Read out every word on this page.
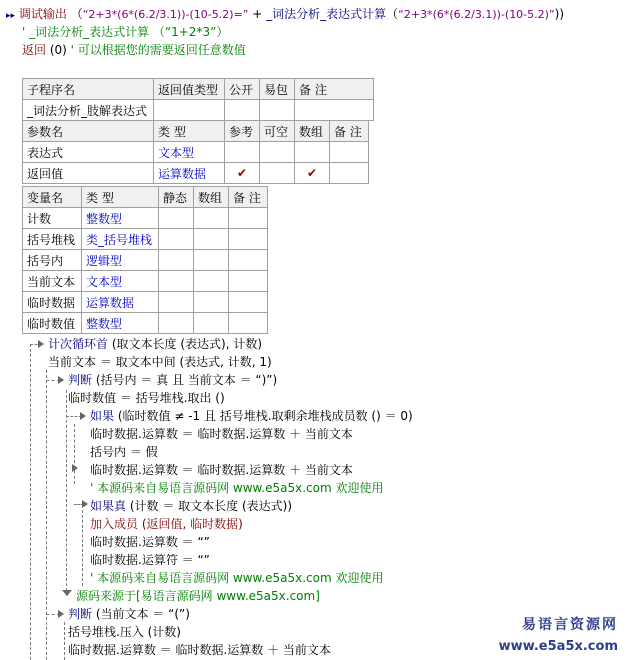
▸▸ 调试输出 （“2+3*(6*(6.2/3.1))-(10-5.2)=” + _词法分析_表达式计算（“2+3*(6*(6.2/3.1))-(10-5.2)”))
' _词法分析_表达式计算 （“1+2*3”）
返回 (0) ' 可以根据您的需要返回任意数值
子程序名	返回值类型	公开	易包	备 注
_词法分析_肢解表达式				
参数名	类 型	参考	可空	数组	备 注
表达式	文本型				
返回值	运算数据	✔		✔	
变量名	类 型	静态	数组	备 注
计数	整数型			
括号堆栈	类_括号堆栈			
括号内	逻辑型			
当前文本	文本型			
临时数据	运算数据			
临时数值	整数型			
计次循环首 (取文本长度 (表达式), 计数)
当前文本 ＝ 取文本中间 (表达式, 计数, 1)
判断 (括号内 ＝ 真 且 当前文本 ＝ “)”)
临时数值 ＝ 括号堆栈.取出 ()
如果 (临时数值 ≠ -1 且 括号堆栈.取剩余堆栈成员数 () ＝ 0)
临时数据.运算数 ＝ 临时数据.运算数 ＋ 当前文本
括号内 ＝ 假
临时数据.运算数 ＝ 临时数据.运算数 ＋ 当前文本
' 本源码来自易语言源码网 www.e5a5x.com 欢迎使用
如果真 (计数 ＝ 取文本长度 (表达式))
加入成员 (返回值, 临时数据)
临时数据.运算数 ＝ “”
临时数据.运算符 ＝ “”
' 本源码来自易语言源码网 www.e5a5x.com 欢迎使用
源码来源于[易语言源码网 www.e5a5x.com]
判断 (当前文本 ＝ “(”)
括号堆栈.压入 (计数)
临时数据.运算数 ＝ 临时数据.运算数 ＋ 当前文本
易语言资源网
www.e5a5x.com
